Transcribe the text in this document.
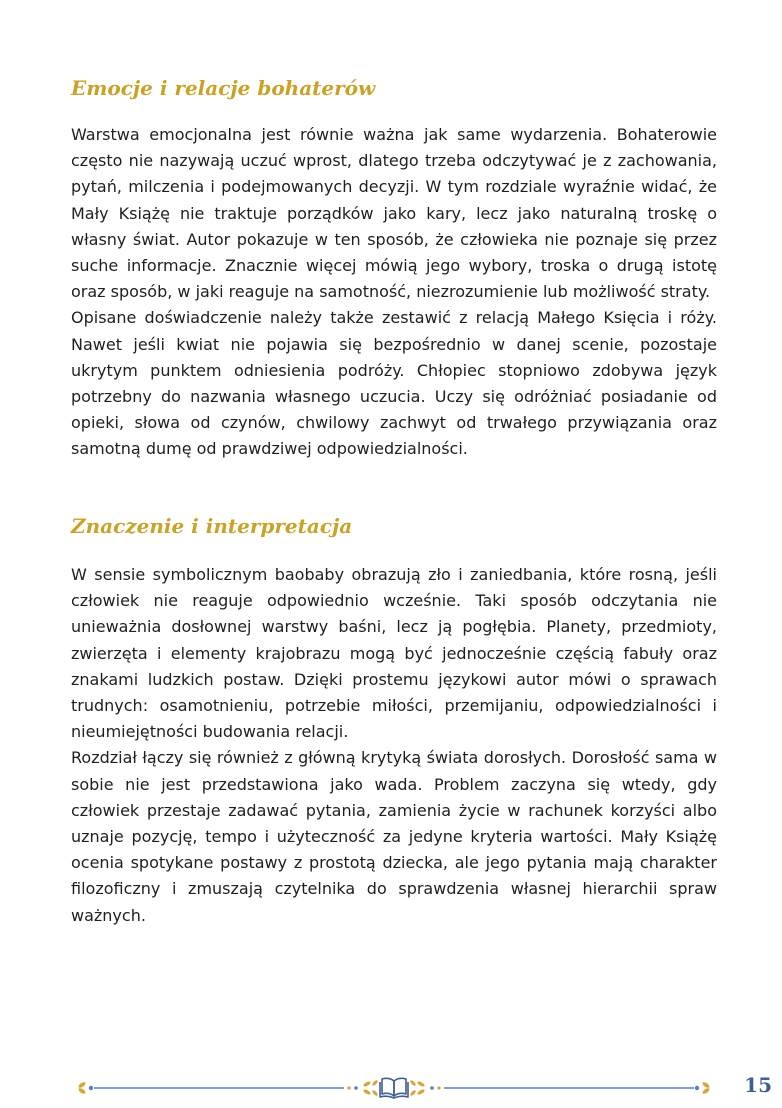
Emocje i relacje bohaterów

Warstwa emocjonalna jest równie ważna jak same wydarzenia. Bohaterowie często nie nazywają uczuć wprost, dlatego trzeba odczytywać je z zachowania, pytań, milczenia i podejmowanych decyzji. W tym rozdziale wyraźnie widać, że Mały Książę nie traktuje porządków jako kary, lecz jako naturalną troskę o własny świat. Autor pokazuje w ten sposób, że człowieka nie poznaje się przez suche informacje. Znacznie więcej mówią jego wybory, troska o drugą istotę oraz sposób, w jaki reaguje na samotność, niezrozumienie lub możliwość straty.

Opisane doświadczenie należy także zestawić z relacją Małego Księcia i róży. Nawet jeśli kwiat nie pojawia się bezpośrednio w danej scenie, pozostaje ukrytym punktem odniesienia podróży. Chłopiec stopniowo zdobywa język potrzebny do nazwania własnego uczucia. Uczy się odróżniać posiadanie od opieki, słowa od czynów, chwilowy zachwyt od trwałego przywiązania oraz samotną dumę od prawdziwej odpowiedzialności.

Znaczenie i interpretacja

W sensie symbolicznym baobaby obrazują zło i zaniedbania, które rosną, jeśli człowiek nie reaguje odpowiednio wcześnie. Taki sposób odczytania nie unieważnia dosłownej warstwy baśni, lecz ją pogłębia. Planety, przedmioty, zwierzęta i elementy krajobrazu mogą być jednocześnie częścią fabuły oraz znakami ludzkich postaw. Dzięki prostemu językowi autor mówi o sprawach trudnych: osamotnieniu, potrzebie miłości, przemijaniu, odpowiedzialności i nieumiejętności budowania relacji.

Rozdział łączy się również z główną krytyką świata dorosłych. Dorosłość sama w sobie nie jest przedstawiona jako wada. Problem zaczyna się wtedy, gdy człowiek przestaje zadawać pytania, zamienia życie w rachunek korzyści albo uznaje pozycję, tempo i użyteczność za jedyne kryteria wartości. Mały Książę ocenia spotykane postawy z prostotą dziecka, ale jego pytania mają charakter filozoficzny i zmuszają czytelnika do sprawdzenia własnej hierarchii spraw ważnych.

15
